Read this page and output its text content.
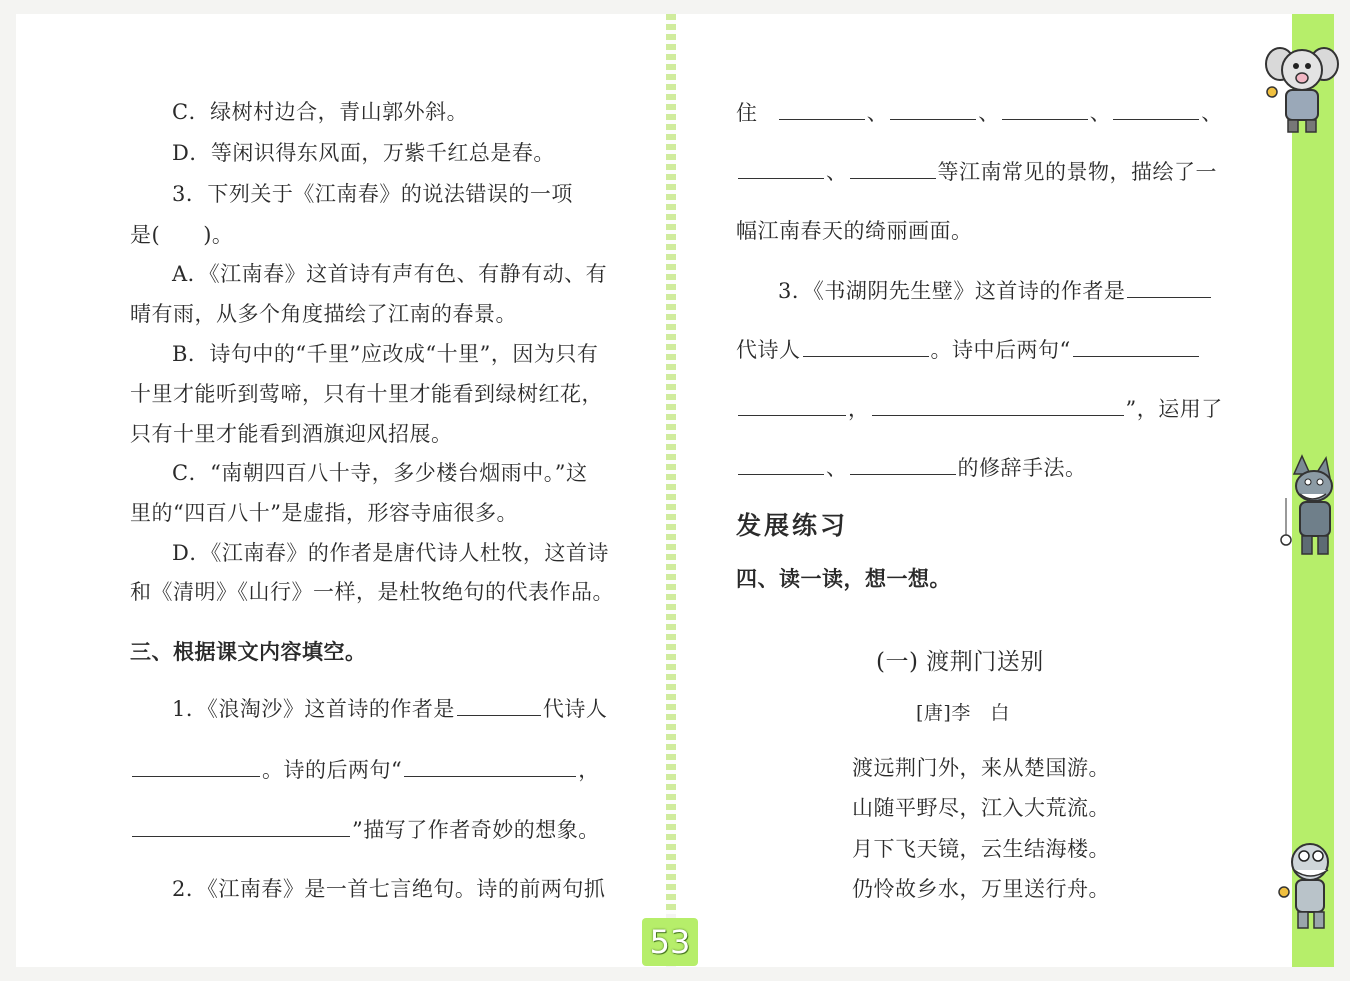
C．绿树村边合，青山郭外斜。
D．等闲识得东风面，万紫千红总是春。
3．下列关于《江南春》的说法错误的一项
是(　　)。
A．《江南春》这首诗有声有色、有静有动、有
晴有雨，从多个角度描绘了江南的春景。
B．诗句中的“千里”应改成“十里”，因为只有
十里才能听到莺啼，只有十里才能看到绿树红花，
只有十里才能看到酒旗迎风招展。
C．“南朝四百八十寺，多少楼台烟雨中。”这
里的“四百八十”是虚指，形容寺庙很多。
D．《江南春》的作者是唐代诗人杜牧，这首诗
和《清明》《山行》一样，是杜牧绝句的代表作品。
三、根据课文内容填空。
1．《浪淘沙》这首诗的作者是	代诗人
。诗的后两句“	，
”描写了作者奇妙的想象。
2．《江南春》是一首七言绝句。诗的前两句抓
住	、	、	、	、
、	等江南常见的景物，描绘了一
幅江南春天的绮丽画面。
3．《书湖阴先生壁》这首诗的作者是
代诗人	。诗中后两句“
，	”，运用了
、	的修辞手法。
发展练习
四、读一读，想一想。
(一) 渡荆门送别
[唐]李　白
渡远荆门外，来从楚国游。
山随平野尽，江入大荒流。
月下飞天镜，云生结海楼。
仍怜故乡水，万里送行舟。
53
